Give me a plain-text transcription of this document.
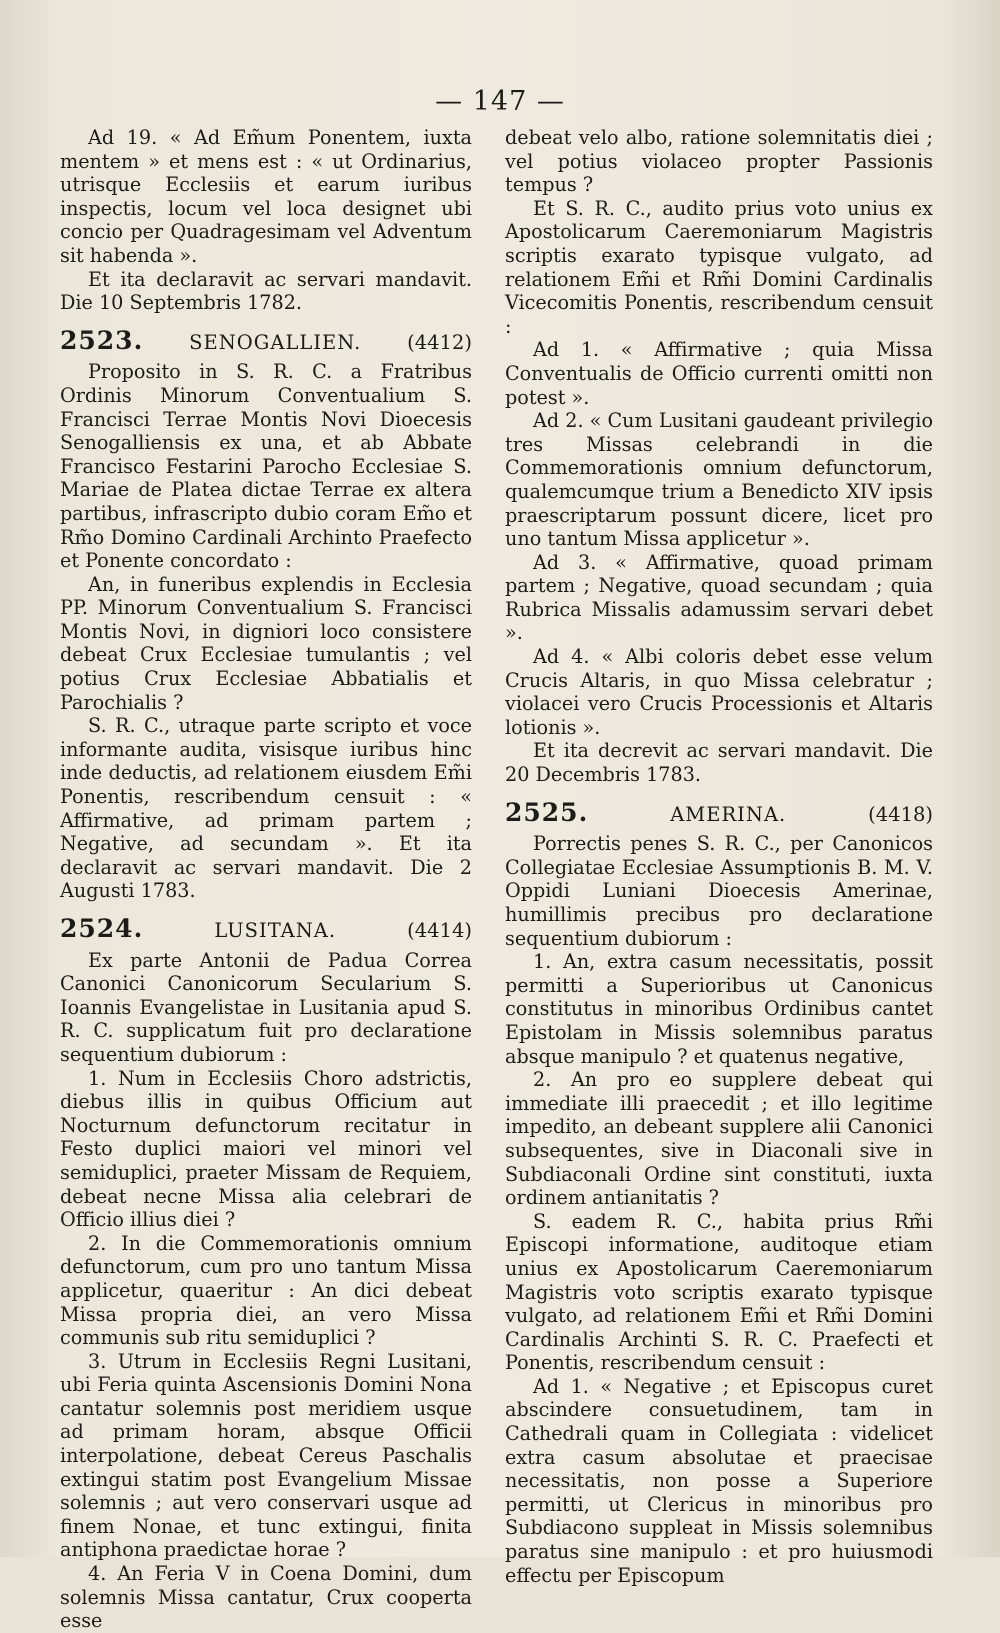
— 147 —

Ad 19. « Ad Em̃um Ponentem, iuxta mentem » et mens est : « ut Ordinarius, utrisque Ecclesiis et earum iuribus inspectis, locum vel loca designet ubi concio per Quadragesimam vel Adventum sit habenda ».

Et ita declaravit ac servari mandavit. Die 10 Septembris 1782.

2523. SENOGALLIEN. (4412)

Proposito in S. R. C. a Fratribus Ordinis Minorum Conventualium S. Francisci Terrae Montis Novi Dioecesis Senogalliensis ex una, et ab Abbate Francisco Festarini Parocho Ecclesiae S. Mariae de Platea dictae Terrae ex altera partibus, infrascripto dubio coram Em̃o et Rm̃o Domino Cardinali Archinto Praefecto et Ponente concordato :

An, in funeribus explendis in Ecclesia PP. Minorum Conventualium S. Francisci Montis Novi, in digniori loco consistere debeat Crux Ecclesiae tumulantis ; vel potius Crux Ecclesiae Abbatialis et Parochialis ?

S. R. C., utraque parte scripto et voce informante audita, visisque iuribus hinc inde deductis, ad relationem eiusdem Em̃i Ponentis, rescribendum censuit : « Affirmative, ad primam partem ; Negative, ad secundam ». Et ita declaravit ac servari mandavit. Die 2 Augusti 1783.

2524.	LUSITANA.	(4414)

Ex parte Antonii de Padua Correa Canonici Canonicorum Secularium S. Ioannis Evangelistae in Lusitania apud S. R. C. supplicatum fuit pro declaratione sequentium dubiorum :

1. Num in Ecclesiis Choro adstrictis, diebus illis in quibus Officium aut Nocturnum defunctorum recitatur in Festo duplici maiori vel minori vel semiduplici, praeter Missam de Requiem, debeat necne Missa alia celebrari de Officio illius diei ?

2. In die Commemorationis omnium defunctorum, cum pro uno tantum Missa applicetur, quaeritur : An dici debeat Missa propria diei, an vero Missa communis sub ritu semiduplici ?

3. Utrum in Ecclesiis Regni Lusitani, ubi Feria quinta Ascensionis Domini Nona cantatur solemnis post meridiem usque ad primam horam, absque Officii interpolatione, debeat Cereus Paschalis extingui statim post Evangelium Missae solemnis ; aut vero conservari usque ad finem Nonae, et tunc extingui, finita antiphona praedictae horae ?

4. An Feria V in Coena Domini, dum solemnis Missa cantatur, Crux cooperta esse

debeat velo albo, ratione solemnitatis diei ; vel potius violaceo propter Passionis tempus ?

Et S. R. C., audito prius voto unius ex Apostolicarum Caeremoniarum Magistris scriptis exarato typisque vulgato, ad relationem Em̃i et Rm̃i Domini Cardinalis Vicecomitis Ponentis, rescribendum censuit :

Ad 1. « Affirmative ; quia Missa Conventualis de Officio currenti omitti non potest ».

Ad 2. « Cum Lusitani gaudeant privilegio tres Missas celebrandi in die Commemorationis omnium defunctorum, qualemcumque trium a Benedicto XIV ipsis praescriptarum possunt dicere, licet pro uno tantum Missa applicetur ».

Ad 3. « Affirmative, quoad primam partem ; Negative, quoad secundam ; quia Rubrica Missalis adamussim servari debet ».

Ad 4. « Albi coloris debet esse velum Crucis Altaris, in quo Missa celebratur ; violacei vero Crucis Processionis et Altaris lotionis ».

Et ita decrevit ac servari mandavit. Die 20 Decembris 1783.

2525.	AMERINA.	(4418)

Porrectis penes S. R. C., per Canonicos Collegiatae Ecclesiae Assumptionis B. M. V. Oppidi Luniani Dioecesis Amerinae, humillimis precibus pro declaratione sequentium dubiorum :

1. An, extra casum necessitatis, possit permitti a Superioribus ut Canonicus constitutus in minoribus Ordinibus cantet Epistolam in Missis solemnibus paratus absque manipulo ? et quatenus negative,

2. An pro eo supplere debeat qui immediate illi praecedit ; et illo legitime impedito, an debeant supplere alii Canonici subsequentes, sive in Diaconali sive in Subdiaconali Ordine sint constituti, iuxta ordinem antianitatis ?

S. eadem R. C., habita prius Rm̃i Episcopi informatione, auditoque etiam unius ex Apostolicarum Caeremoniarum Magistris voto scriptis exarato typisque vulgato, ad relationem Em̃i et Rm̃i Domini Cardinalis Archinti S. R. C. Praefecti et Ponentis, rescribendum censuit :

Ad 1. « Negative ; et Episcopus curet abscindere consuetudinem, tam in Cathedrali quam in Collegiata : videlicet extra casum absolutae et praecisae necessitatis, non posse a Superiore permitti, ut Clericus in minoribus pro Subdiacono suppleat in Missis solemnibus paratus sine manipulo : et pro huiusmodi effectu per Episcopum
